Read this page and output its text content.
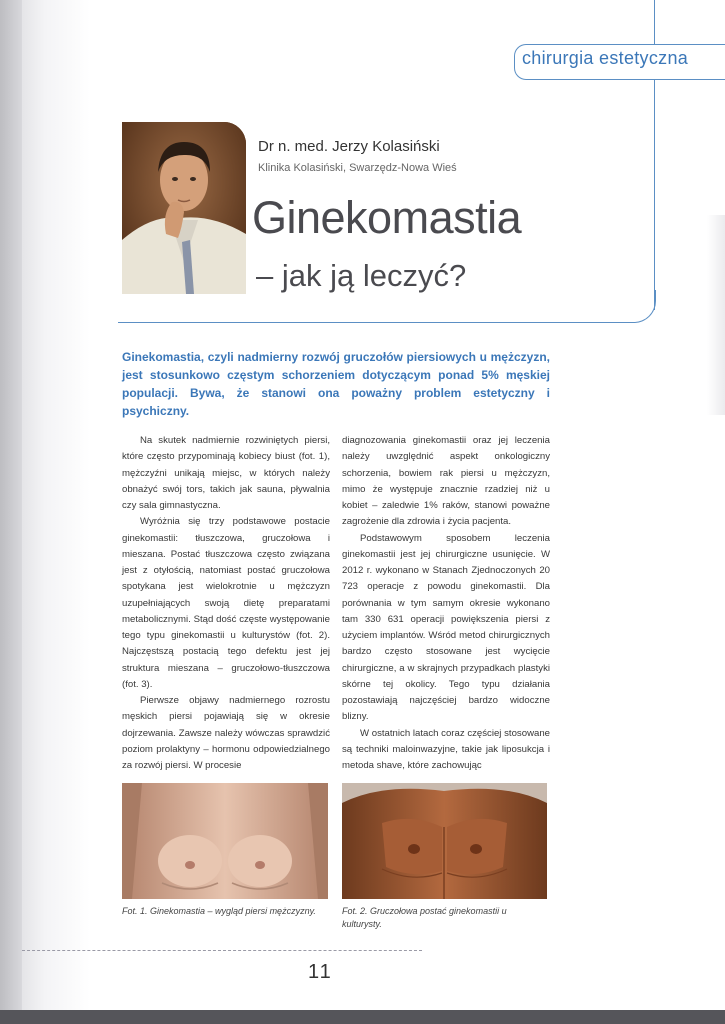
chirurgia estetyczna
Dr n. med. Jerzy Kolasiński
Klinika Kolasiński, Swarzędz-Nowa Wieś
Ginekomastia
– jak ją leczyć?
Ginekomastia, czyli nadmierny rozwój gruczołów piersiowych u mężczyzn, jest stosunkowo częstym schorzeniem dotyczącym ponad 5% męskiej populacji. Bywa, że stanowi ona poważny problem estetyczny i psychiczny.

Na skutek nadmiernie rozwiniętych piersi, które często przypominają kobiecy biust (fot. 1), mężczyźni unikają miejsc, w których należy obnażyć swój tors, takich jak sauna, pływalnia czy sala gimnastyczna.

Wyróżnia się trzy podstawowe postacie ginekomastii: tłuszczowa, gruczołowa i mieszana. Postać tłuszczowa często związana jest z otyłością, natomiast postać gruczołowa spotykana jest wielokrotnie u mężczyzn uzupełniających swoją dietę preparatami metabolicznymi. Stąd dość częste występowanie tego typu ginekomastii u kulturystów (fot. 2). Najczęstszą postacią tego defektu jest jej struktura mieszana – gruczołowo-tłuszczowa (fot. 3).

Pierwsze objawy nadmiernego rozrostu męskich piersi pojawiają się w okresie dojrzewania. Zawsze należy wówczas sprawdzić poziom prolaktyny – hormonu odpowiedzialnego za rozwój piersi. W procesie

diagnozowania ginekomastii oraz jej leczenia należy uwzględnić aspekt onkologiczny schorzenia, bowiem rak piersi u mężczyzn, mimo że występuje znacznie rzadziej niż u kobiet – zaledwie 1% raków, stanowi poważne zagrożenie dla zdrowia i życia pacjenta.

Podstawowym sposobem leczenia ginekomastii jest jej chirurgiczne usunięcie. W 2012 r. wykonano w Stanach Zjednoczonych 20 723 operacje z powodu ginekomastii. Dla porównania w tym samym okresie wykonano tam 330 631 operacji powiększenia piersi z użyciem implantów. Wśród metod chirurgicznych bardzo często stosowane jest wycięcie chirurgiczne, a w skrajnych przypadkach plastyki skórne tej okolicy. Tego typu działania pozostawiają najczęściej bardzo widoczne blizny.

W ostatnich latach coraz częściej stosowane są techniki maloinwazyjne, takie jak liposukcja i metoda shave, które zachowując

Fot. 1. Ginekomastia – wygląd piersi mężczyzny.	Fot. 2. Gruczołowa postać ginekomastii u kulturysty.
11
